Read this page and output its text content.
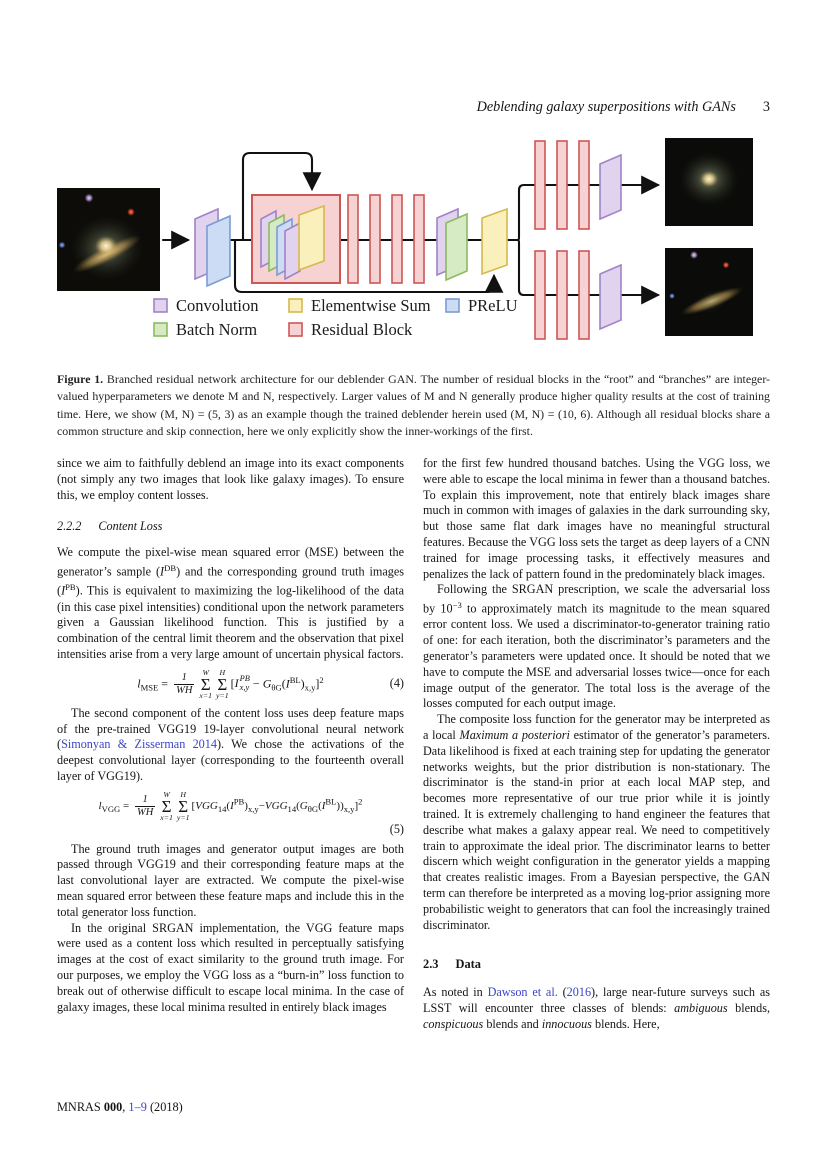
Deblending galaxy superpositions with GANs 3
Convolution	Elementwise Sum PReLU
Batch Norm	Residual Block
Figure 1. Branched residual network architecture for our deblender GAN. The number of residual blocks in the “root” and “branches” are integer-valued hyperparameters we denote M and N, respectively. Larger values of M and N generally produce higher quality results at the cost of training time. Here, we show (M, N) = (5, 3) as an example though the trained deblender herein used (M, N) = (10, 6). Although all residual blocks share a common structure and skip connection, here we only explicitly show the inner-workings of the first.

since we aim to faithfully deblend an image into its exact components (not simply any two images that look like galaxy images). To ensure this, we employ content losses.

2.2.2 Content Loss

We compute the pixel-wise mean squared error (MSE) between the generator’s sample $(I^{DB})$ and the corresponding ground truth images $(I^{PB})$. This is equivalent to maximizing the log-likelihood of the data (in this case pixel intensities) conditional upon the network parameters given a Gaussian likelihood function. This is justified by a combination of the central limit theorem and the observation that pixel intensities arise from a very large amount of uncertain physical factors.

$l_{MSE} = \frac{1}{WH}$ W
Σ
x=1
H
Σ
y=1
[ I PB
$x,y - G_{\theta G}(I^{BL})_{x,y}]^2$	(4)

The second component of the content loss uses deep feature maps of the pre-trained VGG19 19-layer convolutional neural network (Simonyan & Zisserman 2014). We chose the activations of the deepest convolutional layer (corresponding to the fourteenth overall layer of VGG19).

$l_{VGG} = \frac{1}{WH}$ W
Σ
x=1
H
Σ
y=1
$[VGG_{14}(I^{PB})_{x,y}-VGG_{14}(G_{\theta G}(I^{BL}))_{x,y}]^2$
(5)

The ground truth images and generator output images are both passed through VGG19 and their corresponding feature maps at the last convolutional layer are extracted. We compute the pixel-wise mean squared error between these feature maps and include this in the total generator loss function.

In the original SRGAN implementation, the VGG feature maps were used as a content loss which resulted in perceptually satisfying images at the cost of exact similarity to the ground truth image. For our purposes, we employ the VGG loss as a “burn-in” loss function to break out of otherwise difficult to escape local minima. In the case of galaxy images, these local minima resulted in entirely black images

for the first few hundred thousand batches. Using the VGG loss, we were able to escape the local minima in fewer than a thousand batches. To explain this improvement, note that entirely black images share much in common with images of galaxies in the dark surrounding sky, but those same flat dark images have no meaningful structural features. Because the VGG loss sets the target as deep layers of a CNN trained for image processing tasks, it effectively measures and penalizes the lack of pattern found in the predominately black images.

Following the SRGAN prescription, we scale the adversarial loss by $10^{-3}$ to approximately match its magnitude to the mean squared error content loss. We used a discriminator-to-generator training ratio of one: for each iteration, both the discriminator’s parameters and the generator’s parameters were updated once. It should be noted that we have to compute the MSE and adversarial losses twice—once for each image output of the generator. The total loss is the average of the losses computed for each output image.

The composite loss function for the generator may be interpreted as a local Maximum a posteriori estimator of the generator’s parameters. Data likelihood is fixed at each training step for updating the generator networks weights, but the prior distribution is non-stationary. The discriminator is the stand-in prior at each local MAP step, and becomes more representative of our true prior while it is jointly trained. It is extremely challenging to hand engineer the features that describe what makes a galaxy appear real. We need to competitively train to approximate the ideal prior. The discriminator learns to better discern which weight configuration in the generator yields a mapping that creates realistic images. From a Bayesian perspective, the GAN term can therefore be interpreted as a moving log-prior assigning more probabilistic weight to generators that can fool the increasingly trained discriminator.

2.3 Data

As noted in Dawson et al. (2016), large near-future surveys such as LSST will encounter three classes of blends: ambiguous blends, conspicuous blends and innocuous blends. Here,

MNRAS 000, 1–9 (2018)
